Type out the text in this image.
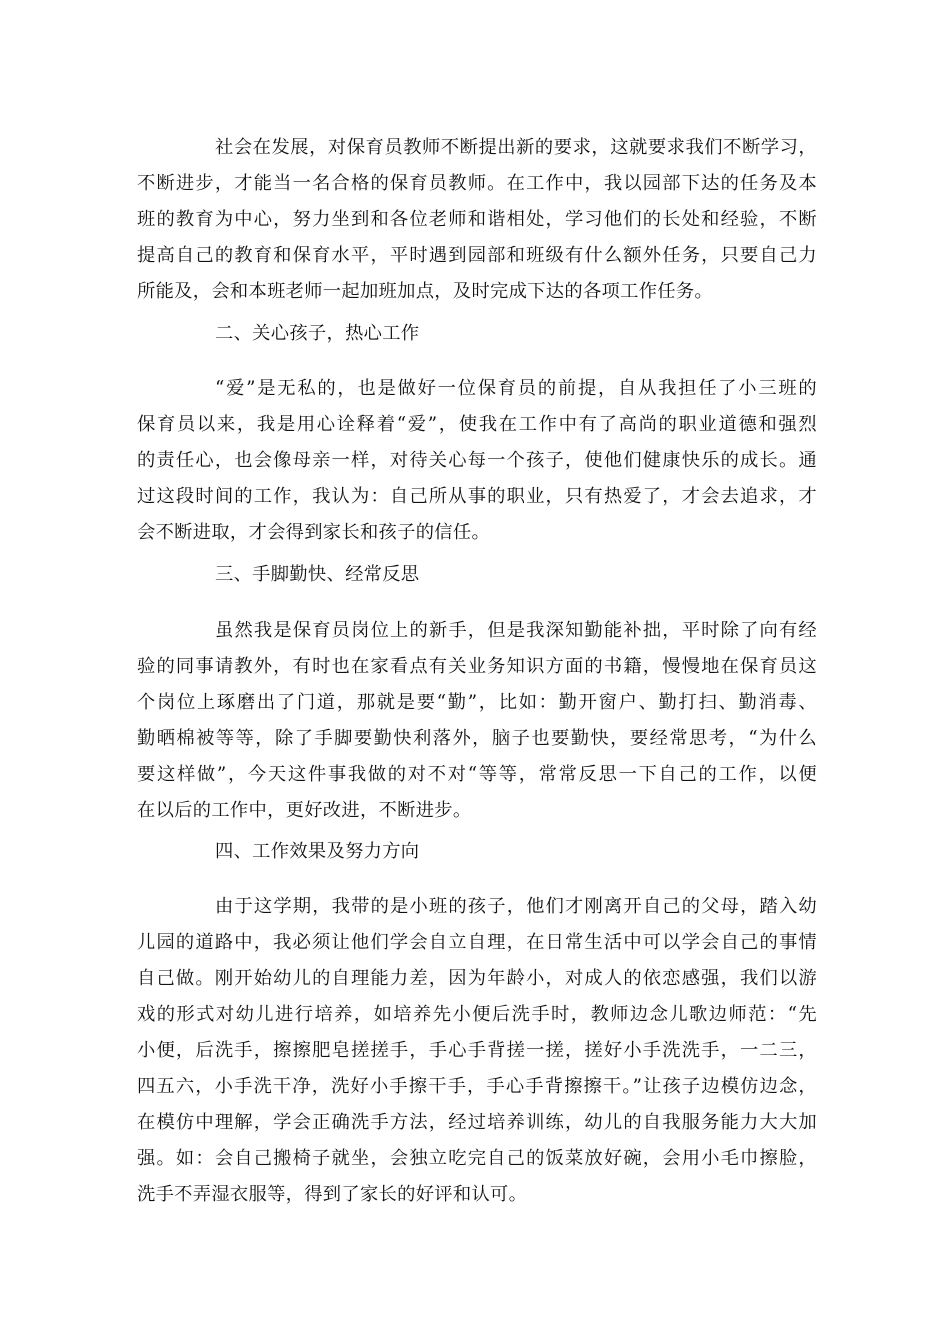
社会在发展，对保育员教师不断提出新的要求，这就要求我们不断学习，
不断进步，才能当一名合格的保育员教师。在工作中，我以园部下达的任务及本
班的教育为中心，努力坐到和各位老师和谐相处，学习他们的长处和经验，不断
提高自己的教育和保育水平，平时遇到园部和班级有什么额外任务，只要自己力
所能及，会和本班老师一起加班加点，及时完成下达的各项工作任务。
二、关心孩子，热心工作
“爱”是无私的，也是做好一位保育员的前提，自从我担任了小三班的
保育员以来，我是用心诠释着“爱”，使我在工作中有了高尚的职业道德和强烈
的责任心，也会像母亲一样，对待关心每一个孩子，使他们健康快乐的成长。通
过这段时间的工作，我认为：自己所从事的职业，只有热爱了，才会去追求，才
会不断进取，才会得到家长和孩子的信任。
三、手脚勤快、经常反思
虽然我是保育员岗位上的新手，但是我深知勤能补拙，平时除了向有经
验的同事请教外，有时也在家看点有关业务知识方面的书籍，慢慢地在保育员这
个岗位上琢磨出了门道，那就是要“勤”，比如：勤开窗户、勤打扫、勤消毒、
勤晒棉被等等，除了手脚要勤快利落外，脑子也要勤快，要经常思考，“为什么
要这样做”，今天这件事我做的对不对“等等，常常反思一下自己的工作，以便
在以后的工作中，更好改进，不断进步。
四、工作效果及努力方向
由于这学期，我带的是小班的孩子，他们才刚离开自己的父母，踏入幼
儿园的道路中，我必须让他们学会自立自理，在日常生活中可以学会自己的事情
自己做。刚开始幼儿的自理能力差，因为年龄小，对成人的依恋感强，我们以游
戏的形式对幼儿进行培养，如培养先小便后洗手时，教师边念儿歌边师范：“先
小便，后洗手，擦擦肥皂搓搓手，手心手背搓一搓，搓好小手洗洗手，一二三，
四五六，小手洗干净，洗好小手擦干手，手心手背擦擦干。”让孩子边模仿边念，
在模仿中理解，学会正确洗手方法，经过培养训练，幼儿的自我服务能力大大加
强。如：会自己搬椅子就坐，会独立吃完自己的饭菜放好碗，会用小毛巾擦脸，
洗手不弄湿衣服等，得到了家长的好评和认可。
